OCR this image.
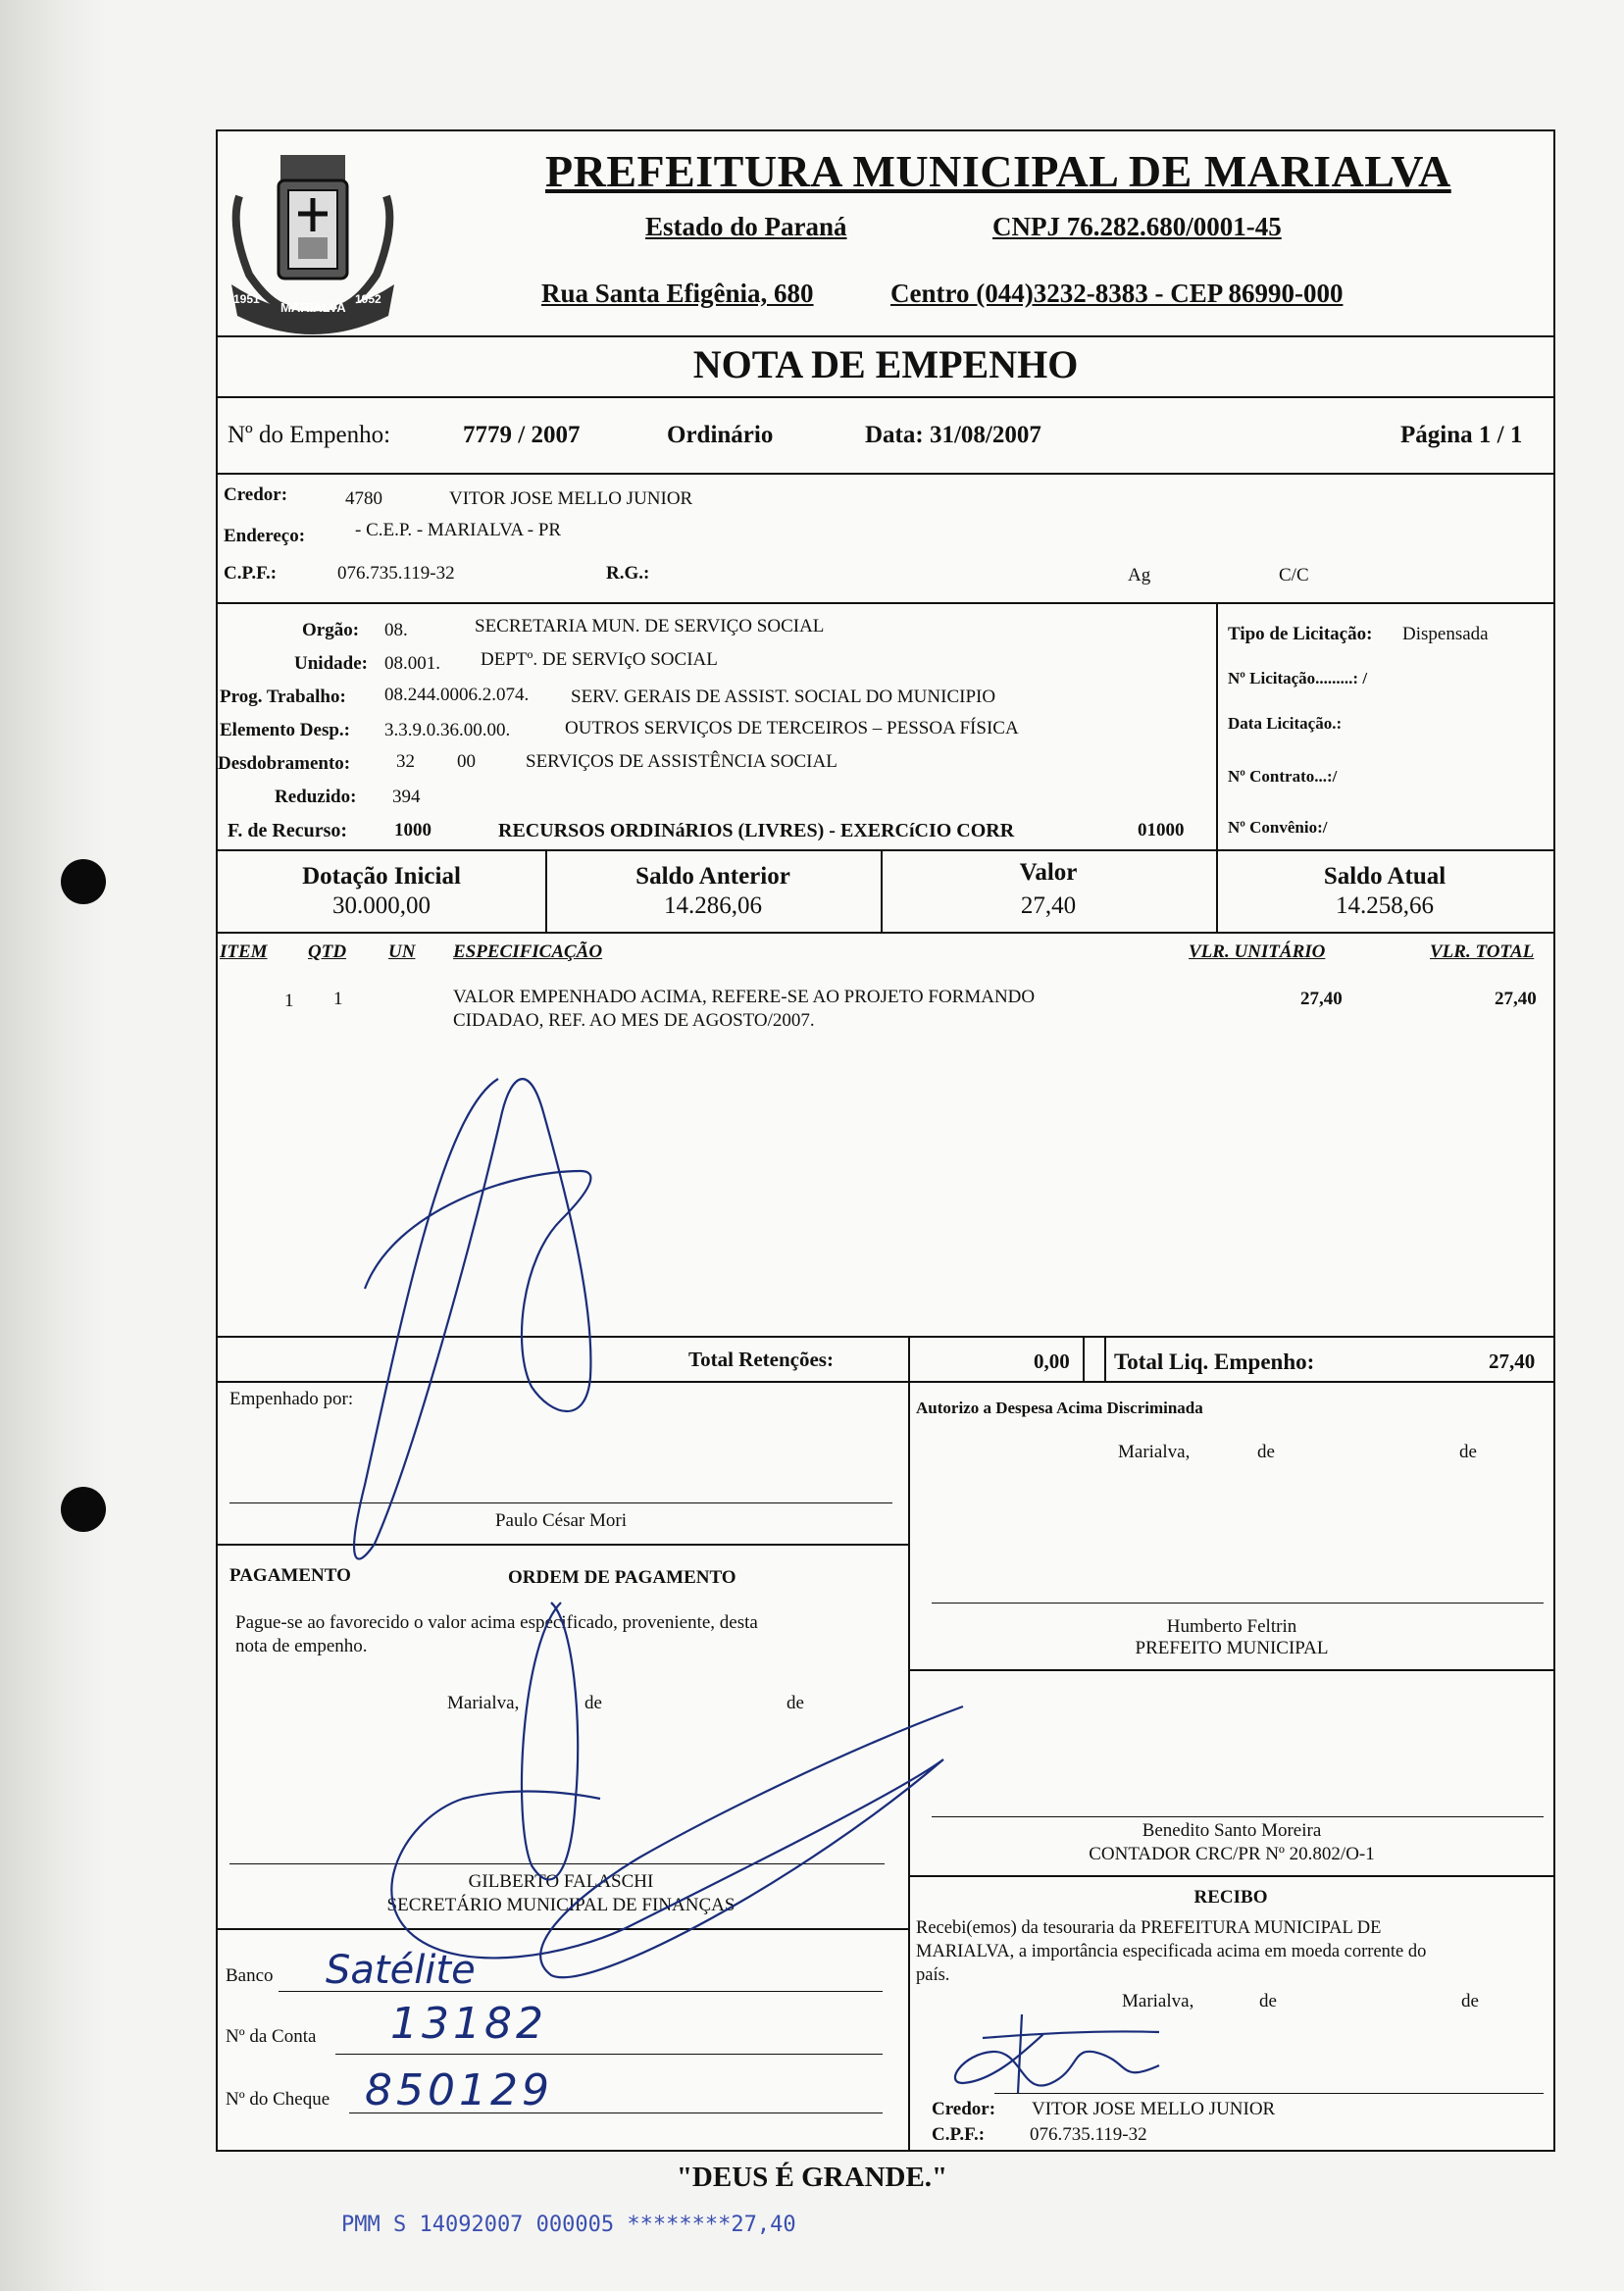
MARIALVA
1951	1952
PREFEITURA MUNICIPAL DE MARIALVA
Estado do Paraná	CNPJ 76.282.680/0001-45
Rua Santa Efigênia, 680	Centro (044)3232-8383 - CEP 86990-000
NOTA DE EMPENHO
Nº do Empenho:	7779 / 2007	Ordinário	Data: 31/08/2007	Página 1 / 1
Credor:	4780	VITOR JOSE MELLO JUNIOR
Endereço:	- C.E.P. - MARIALVA - PR
C.P.F.:	076.735.119-32	R.G.:	Ag	C/C
Orgão: 08.	SECRETARIA MUN. DE SERVIÇO SOCIAL
Unidade: 08.001. DEPTº. DE SERVIçO SOCIAL
Prog. Trabalho: 08.244.0006.2.074. SERV. GERAIS DE ASSIST. SOCIAL DO MUNICIPIO
Elemento Desp.: 3.3.9.0.36.00.00.	OUTROS SERVIÇOS DE TERCEIROS – PESSOA FÍSICA
Desdobramento: 32 00	SERVIÇOS DE ASSISTÊNCIA SOCIAL
Reduzido: 394
F. de Recurso:	1000	RECURSOS ORDINáRIOS (LIVRES) - EXERCíCIO CORR	01000
Tipo de Licitação: Dispensada
Nº Licitação.........: /
Data Licitação.:
Nº Contrato...:/
Nº Convênio:/
Dotação Inicial
30.000,00
Saldo Anterior
14.286,06
Valor
27,40
Saldo Atual
14.258,66
ITEM QTD UN ESPECIFICAÇÃO	VLR. UNITÁRIO	VLR. TOTAL
1 1	VALOR EMPENHADO ACIMA, REFERE-SE AO PROJETO FORMANDO
CIDADAO, REF. AO MES DE AGOSTO/2007.
27,40	27,40
Total Retenções:	0,00 Total Liq. Empenho:	27,40
Empenhado por:
Paulo César Mori
Autorizo a Despesa Acima Discriminada
Marialva,	de	de
PAGAMENTO	ORDEM DE PAGAMENTO
Pague-se ao favorecido o valor acima especificado, proveniente, desta
nota de empenho.
Marialva,	de	de
GILBERTO FALASCHI
SECRETÁRIO MUNICIPAL DE FINANÇAS
Humberto Feltrin
PREFEITO MUNICIPAL
Benedito Santo Moreira
CONTADOR CRC/PR Nº 20.802/O-1
Banco Satélite
Nº da Conta 13182
Nº do Cheque 850129
RECIBO
Recebi(emos) da tesouraria da PREFEITURA MUNICIPAL DE
MARIALVA, a importância especificada acima em moeda corrente do
país.
Marialva,	de	de
Credor: VITOR JOSE MELLO JUNIOR
C.P.F.: 076.735.119-32
"DEUS É GRANDE."
PMM S 14092007 000005 ********27,40
